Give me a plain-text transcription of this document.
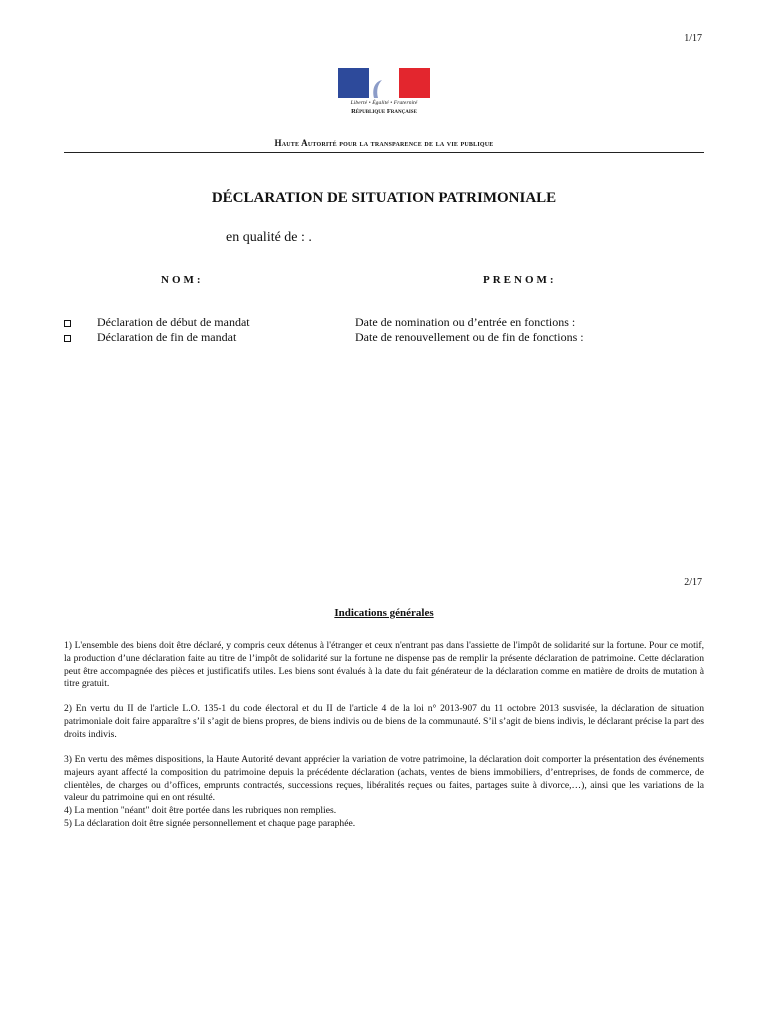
1/17
Liberté • Égalité • Fraternité
République Française
Haute Autorité pour la transparence de la vie publique
DÉCLARATION DE SITUATION PATRIMONIALE
en qualité de : .
NOM:	PRENOM:
Déclaration de début de mandat	Date de nomination ou d’entrée en fonctions :
Déclaration de fin de mandat	Date de renouvellement ou de fin de fonctions :
2/17
Indications générales
1) L'ensemble des biens doit être déclaré, y compris ceux détenus à l'étranger et ceux n'entrant pas dans l'assiette de l'impôt de solidarité sur la fortune. Pour ce motif, la production d’une déclaration faite au titre de l’impôt de solidarité sur la fortune ne dispense pas de remplir la présente déclaration de patrimoine. Cette déclaration peut être accompagnée des pièces et justificatifs utiles. Les biens sont évalués à la date du fait générateur de la déclaration comme en matière de droits de mutation à titre gratuit.
2) En vertu du II de l'article L.O. 135-1 du code électoral et du II de l'article 4 de la loi n° 2013-907 du 11 octobre 2013 susvisée, la déclaration de situation patrimoniale doit faire apparaître s’il s’agit de biens propres, de biens indivis ou de biens de la communauté. S’il s’agit de biens indivis, le déclarant précise la part des droits indivis.
3) En vertu des mêmes dispositions, la Haute Autorité devant apprécier la variation de votre patrimoine, la déclaration doit comporter la présentation des événements majeurs ayant affecté la composition du patrimoine depuis la précédente déclaration (achats, ventes de biens immobiliers, d’entreprises, de fonds de commerce, de clientèles, de charges ou d’offices, emprunts contractés, successions reçues, libéralités reçues ou faites, partages suite à divorce,…), ainsi que les variations de la valeur du patrimoine qui en ont résulté.
4) La mention "néant" doit être portée dans les rubriques non remplies.
5) La déclaration doit être signée personnellement et chaque page paraphée.
